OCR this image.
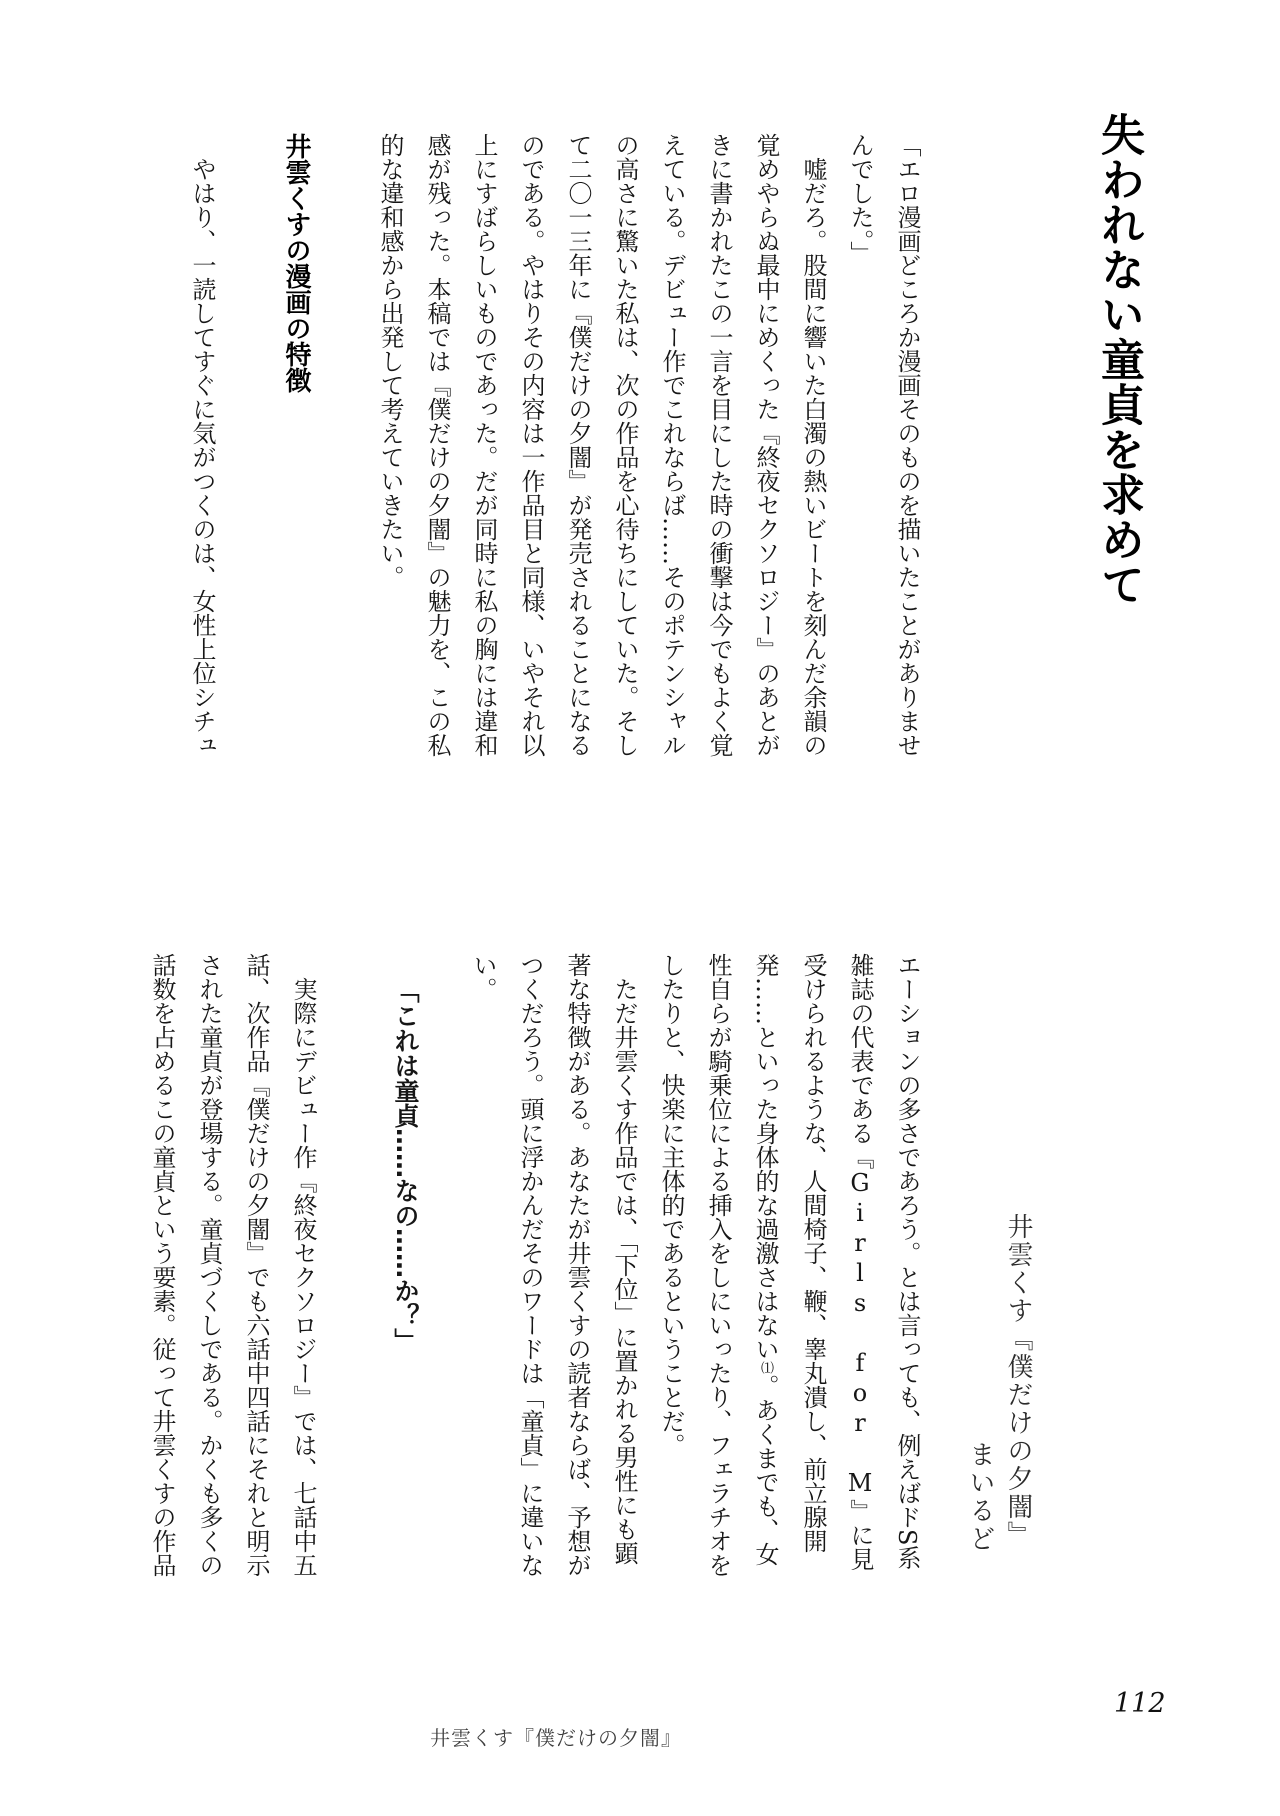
失われない童貞を求めて

「エロ漫画どころか漫画そのものを描いたことがありませんでした。」

嘘だろ。股間に響いた白濁の熱いビートを刻んだ余韻の覚めやらぬ最中にめくった『終夜セクソロジー』のあとがきに書かれたこの一言を目にした時の衝撃は今でもよく覚えている。デビュー作でこれならば……そのポテンシャルの高さに驚いた私は、次の作品を心待ちにしていた。そして二〇一三年に『僕だけの夕闇』が発売されることになるのである。やはりその内容は一作品目と同様、いやそれ以上にすばらしいものであった。だが同時に私の胸には違和感が残った。本稿では『僕だけの夕闇』の魅力を、この私的な違和感から出発して考えていきたい。

井雲くすの漫画の特徴

やはり、一読してすぐに気がつくのは、女性上位シチュ

井雲くす『僕だけの夕闇』
まいるど

エーションの多さであろう。とは言っても、例えばドS系雑誌の代表である『Girls for M』に見受けられるような、人間椅子、鞭、睾丸潰し、前立腺開発……といった身体的な過激さはない⑴。あくまでも、女性自らが騎乗位による挿入をしにいったり、フェラチオをしたりと、快楽に主体的であるということだ。

ただ井雲くす作品では、「下位」に置かれる男性にも顕著な特徴がある。あなたが井雲くすの読者ならば、予想がつくだろう。頭に浮かんだそのワードは「童貞」に違いない。

「これは童貞……なの……か？」

実際にデビュー作『終夜セクソロジー』では、七話中五話、次作品『僕だけの夕闇』でも六話中四話にそれと明示された童貞が登場する。童貞づくしである。かくも多くの話数を占めるこの童貞という要素。従って井雲くすの作品

井雲くす『僕だけの夕闇』
112
